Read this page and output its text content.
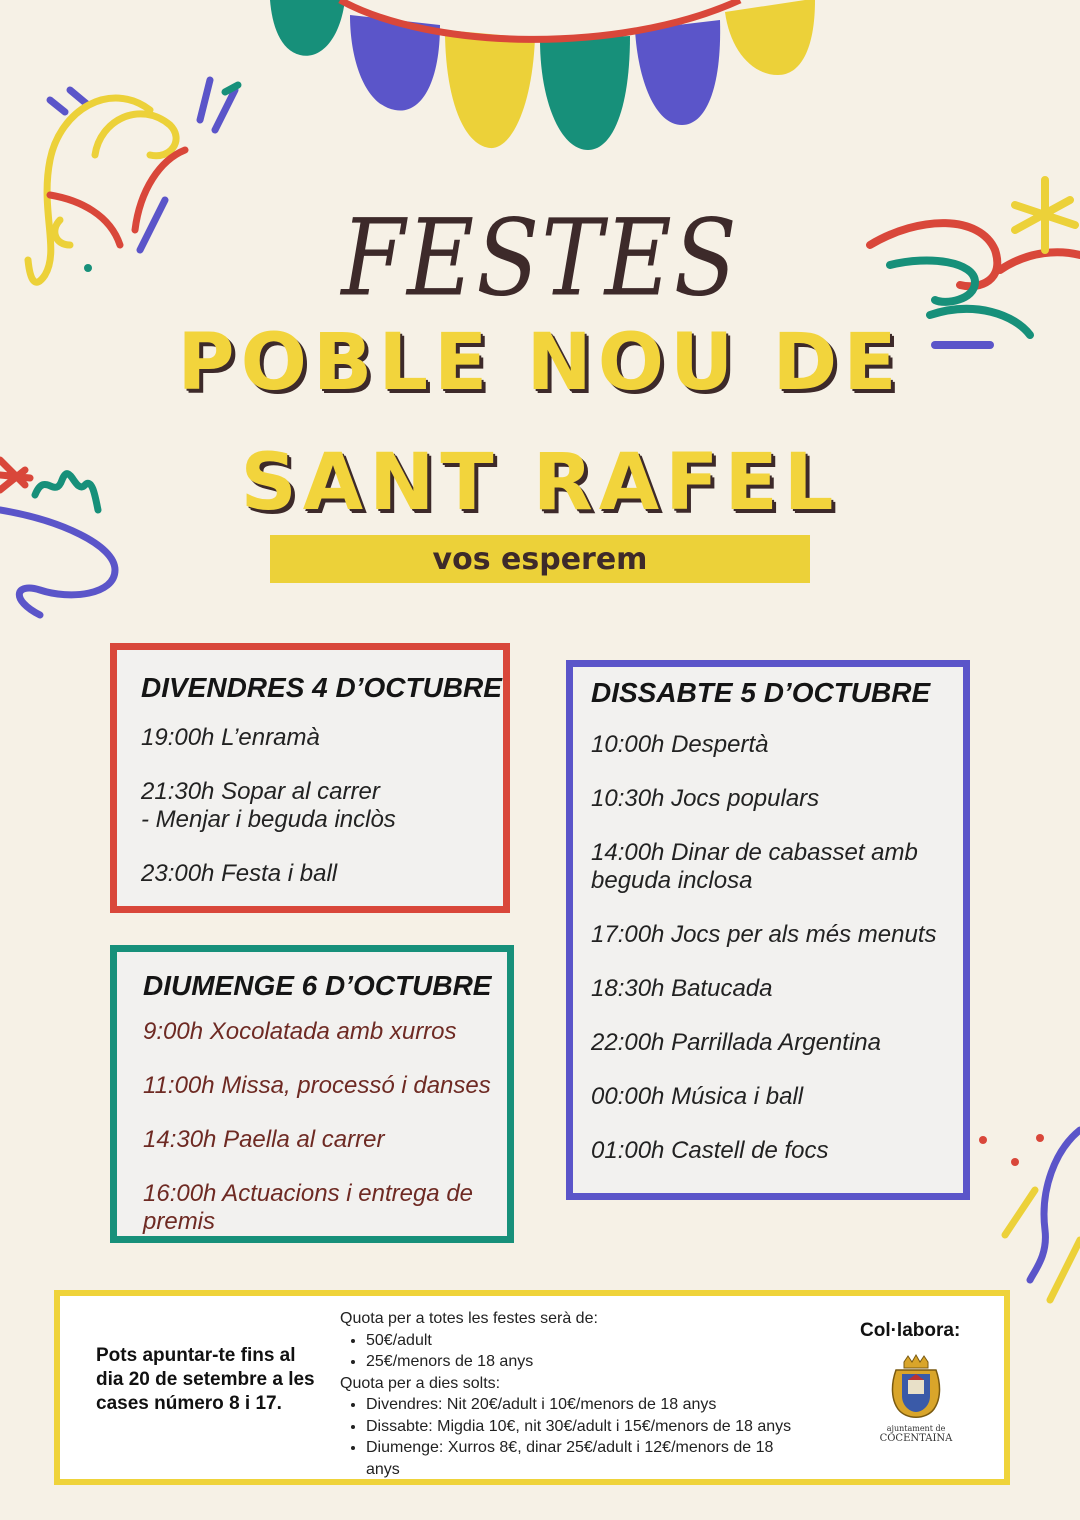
FESTES
POBLE NOU DE
SANT RAFEL
vos esperem
DIVENDRES 4 D’OCTUBRE
19:00h L’enramà
21:30h Sopar al carrer
- Menjar i beguda inclòs
23:00h Festa i ball
DISSABTE 5 D’OCTUBRE
10:00h Despertà
10:30h Jocs populars
14:00h Dinar de cabasset amb beguda inclosa
17:00h Jocs per als més menuts
18:30h Batucada
22:00h Parrillada Argentina
00:00h Música i ball
01:00h Castell de focs
DIUMENGE 6 D’OCTUBRE
9:00h Xocolatada amb xurros
11:00h Missa, processó i danses
14:30h Paella al carrer
16:00h Actuacions i entrega de premis
Pots apuntar-te fins al dia 20 de setembre a les cases número 8 i 17.
Quota per a totes les festes serà de:
• 50€/adult
• 25€/menors de 18 anys
Quota per a dies solts:
• Divendres: Nit 20€/adult i 10€/menors de 18 anys
• Dissabte: Migdia 10€, nit 30€/adult i 15€/menors de 18 anys
• Diumenge: Xurros 8€, dinar 25€/adult i 12€/menors de 18 anys
Col·labora:
ajuntament de
COCENTAINA
